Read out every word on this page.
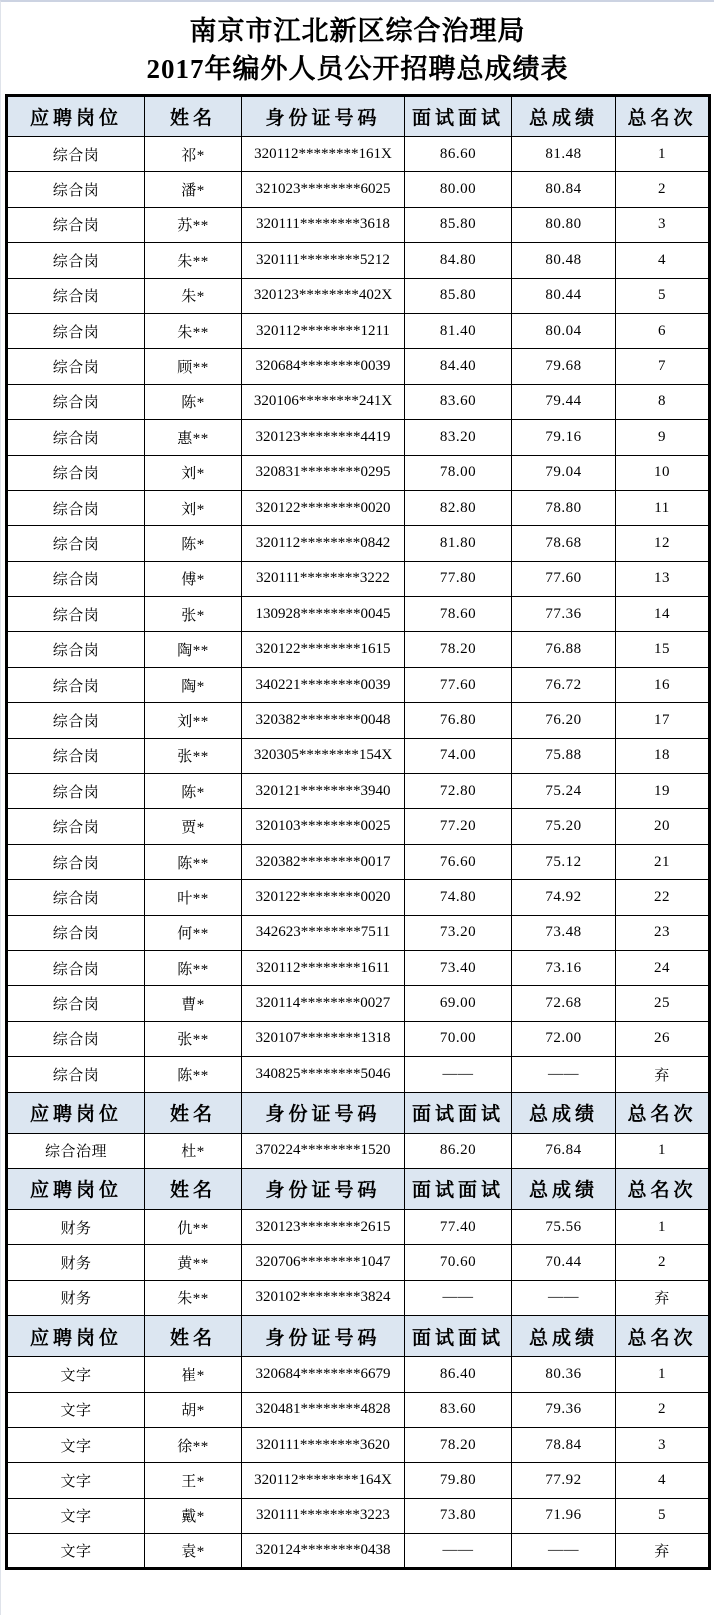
南京市江北新区综合治理局
2017年编外人员公开招聘总成绩表
应聘岗位	姓名	身份证号码	面试面试	总成绩	总名次
综合岗	祁*	320112********161X	86.60	81.48	1
综合岗	潘*	321023********6025	80.00	80.84	2
综合岗	苏**	320111********3618	85.80	80.80	3
综合岗	朱**	320111********5212	84.80	80.48	4
综合岗	朱*	320123********402X	85.80	80.44	5
综合岗	朱**	320112********1211	81.40	80.04	6
综合岗	顾**	320684********0039	84.40	79.68	7
综合岗	陈*	320106********241X	83.60	79.44	8
综合岗	惠**	320123********4419	83.20	79.16	9
综合岗	刘*	320831********0295	78.00	79.04	10
综合岗	刘*	320122********0020	82.80	78.80	11
综合岗	陈*	320112********0842	81.80	78.68	12
综合岗	傅*	320111********3222	77.80	77.60	13
综合岗	张*	130928********0045	78.60	77.36	14
综合岗	陶**	320122********1615	78.20	76.88	15
综合岗	陶*	340221********0039	77.60	76.72	16
综合岗	刘**	320382********0048	76.80	76.20	17
综合岗	张**	320305********154X	74.00	75.88	18
综合岗	陈*	320121********3940	72.80	75.24	19
综合岗	贾*	320103********0025	77.20	75.20	20
综合岗	陈**	320382********0017	76.60	75.12	21
综合岗	叶**	320122********0020	74.80	74.92	22
综合岗	何**	342623********7511	73.20	73.48	23
综合岗	陈**	320112********1611	73.40	73.16	24
综合岗	曹*	320114********0027	69.00	72.68	25
综合岗	张**	320107********1318	70.00	72.00	26
综合岗	陈**	340825********5046	——	——	弃
应聘岗位	姓名	身份证号码	面试面试	总成绩	总名次
综合治理	杜*	370224********1520	86.20	76.84	1
应聘岗位	姓名	身份证号码	面试面试	总成绩	总名次
财务	仇**	320123********2615	77.40	75.56	1
财务	黄**	320706********1047	70.60	70.44	2
财务	朱**	320102********3824	——	——	弃
应聘岗位	姓名	身份证号码	面试面试	总成绩	总名次
文字	崔*	320684********6679	86.40	80.36	1
文字	胡*	320481********4828	83.60	79.36	2
文字	徐**	320111********3620	78.20	78.84	3
文字	王*	320112********164X	79.80	77.92	4
文字	戴*	320111********3223	73.80	71.96	5
文字	袁*	320124********0438	——	——	弃
